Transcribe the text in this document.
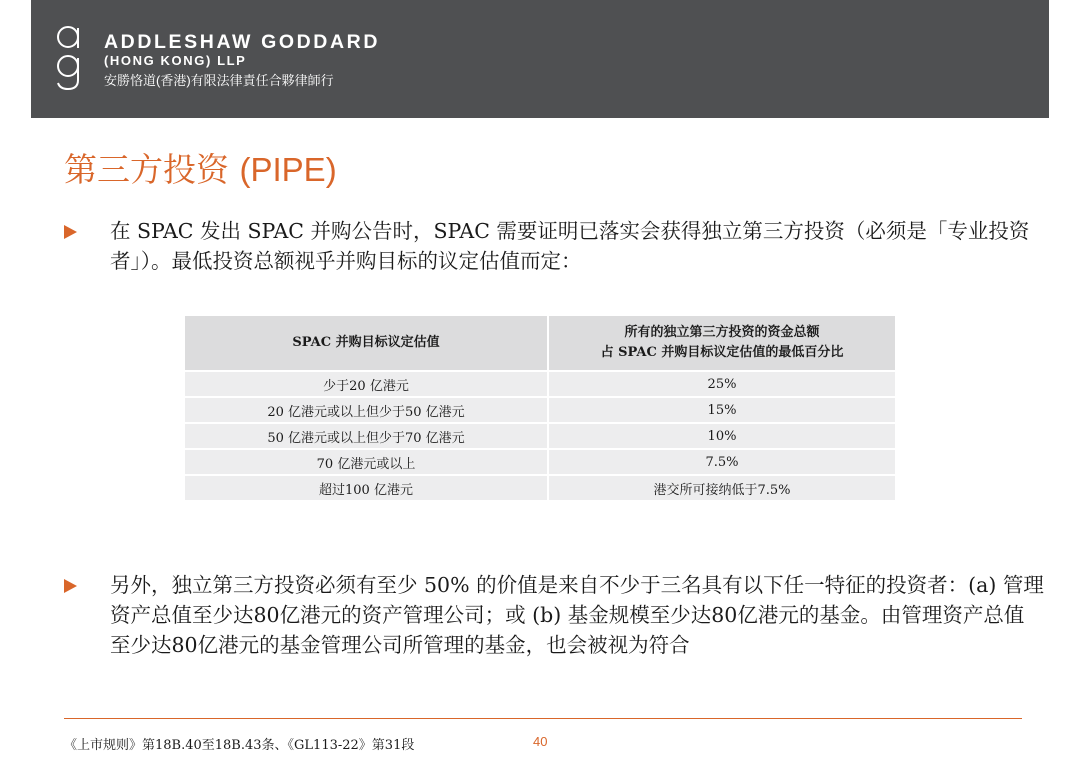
ADDLESHAW GODDARD
(HONG KONG) LLP
安勝恪道(香港)有限法律責任合夥律師行
第三方投资 (PIPE)
在 SPAC 发出 SPAC 并购公告时，SPAC 需要证明已落实会获得独立第三方投资（必须是「专业投资者」）。最低投资总额视乎并购目标的议定估值而定：
SPAC 并购目标议定估值	所有的独立第三方投资的资金总额
占 SPAC 并购目标议定估值的最低百分比
少于20 亿港元	25%
20 亿港元或以上但少于50 亿港元	15%
50 亿港元或以上但少于70 亿港元	10%
70 亿港元或以上	7.5%
超过100 亿港元	港交所可接纳低于7.5%
另外，独立第三方投资必须有至少 50% 的价值是来自不少于三名具有以下任一特征的投资者：(a) 管理资产总值至少达80亿港元的资产管理公司；或 (b) 基金规模至少达80亿港元的基金。由管理资产总值至少达80亿港元的基金管理公司所管理的基金，也会被视为符合
《上市规则》第18B.40至18B.43条、《GL113-22》第31段	40
